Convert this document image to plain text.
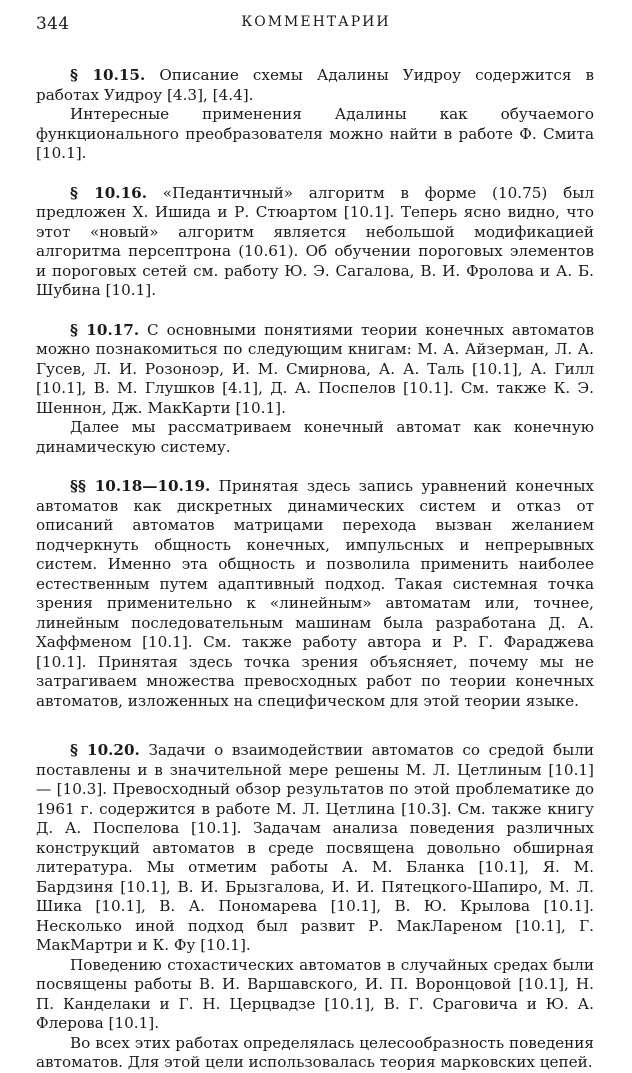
344	КОММЕНТАРИИ

§ 10.15. Описание схемы Адалины Уидроу содержится в работах Уидроу [4.3], [4.4].

Интересные применения Адалины как обучаемого функционального преобразователя можно найти в работе Ф. Смита [10.1].

§ 10.16. «Педантичный» алгоритм в форме (10.75) был предложен X. Ишида и Р. Стюартом [10.1]. Теперь ясно видно, что этот «новый» алгоритм является небольшой модификацией алгоритма персептрона (10.61). Об обучении пороговых элементов и пороговых сетей см. работу Ю. Э. Сагалова, В. И. Фролова и А. Б. Шубина [10.1].

§ 10.17. С основными понятиями теории конечных автоматов можно познакомиться по следующим книгам: М. А. Айзерман, Л. А. Гусев, Л. И. Розоноэр, И. М. Смирнова, А. А. Таль [10.1], А. Гилл [10.1], В. М. Глушков [4.1], Д. А. Поспелов [10.1]. См. также К. Э. Шеннон, Дж. МакКарти [10.1].

Далее мы рассматриваем конечный автомат как конечную динамическую систему.

§§ 10.18—10.19. Принятая здесь запись уравнений конечных автоматов как дискретных динамических систем и отказ от описаний автоматов матрицами перехода вызван желанием подчеркнуть общность конечных, импульсных и непрерывных систем. Именно эта общность и позволила применить наиболее естественным путем адаптивный подход. Такая системная точка зрения применительно к «линейным» автоматам или, точнее, линейным последовательным машинам была разработана Д. А. Хаффменом [10.1]. См. также работу автора и Р. Г. Фараджева [10.1]. Принятая здесь точка зрения объясняет, почему мы не затрагиваем множества превосходных работ по теории конечных автоматов, изложенных на специфическом для этой теории языке.

§ 10.20. Задачи о взаимодействии автоматов со средой были поставлены и в значительной мере решены М. Л. Цетлиным [10.1] — [10.3]. Превосходный обзор результатов по этой проблематике до 1961 г. содержится в работе М. Л. Цетлина [10.3]. См. также книгу Д. А. Поспелова [10.1]. Задачам анализа поведения различных конструкций автоматов в среде посвящена довольно обширная литература. Мы отметим работы А. М. Бланка [10.1], Я. М. Бардзиня [10.1], В. И. Брызгалова, И. И. Пятецкого-Шапиро, М. Л. Шика [10.1], В. А. Пономарева [10.1], В. Ю. Крылова [10.1]. Несколько иной подход был развит Р. МакЛареном [10.1], Г. МакМартри и К. Фу [10.1].

Поведению стохастических автоматов в случайных средах были посвящены работы В. И. Варшавского, И. П. Воронцовой [10.1], Н. П. Канделаки и Г. Н. Церцвадзе [10.1], В. Г. Сраговича и Ю. А. Флерова [10.1].

Во всех этих работах определялась целесообразность поведения автоматов. Для этой цели использовалась теория марковских цепей.
